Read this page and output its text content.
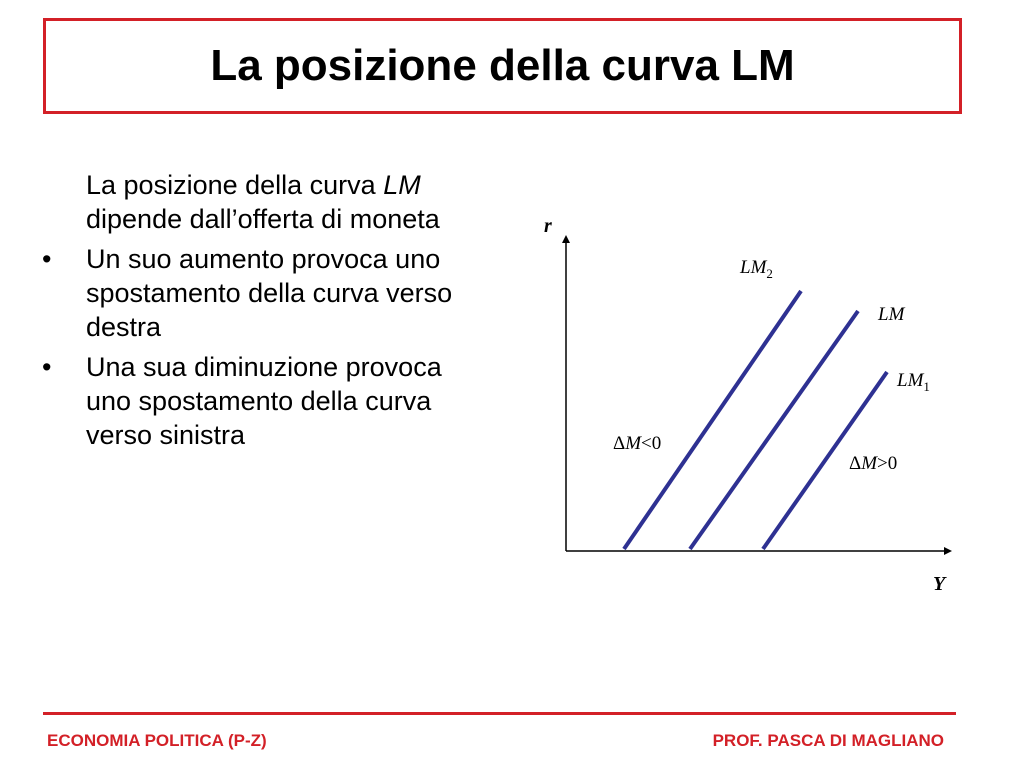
La posizione della curva LM

La posizione della curva LM dipende dall’offerta di moneta

• Un suo aumento provoca uno spostamento della curva verso destra
• Una sua diminuzione provoca uno spostamento della curva verso sinistra
r
Y
$LM_2$
LM
$LM_1$
ΔM<0
ΔM>0
ECONOMIA POLITICA (P-Z)	PROF. PASCA DI MAGLIANO
